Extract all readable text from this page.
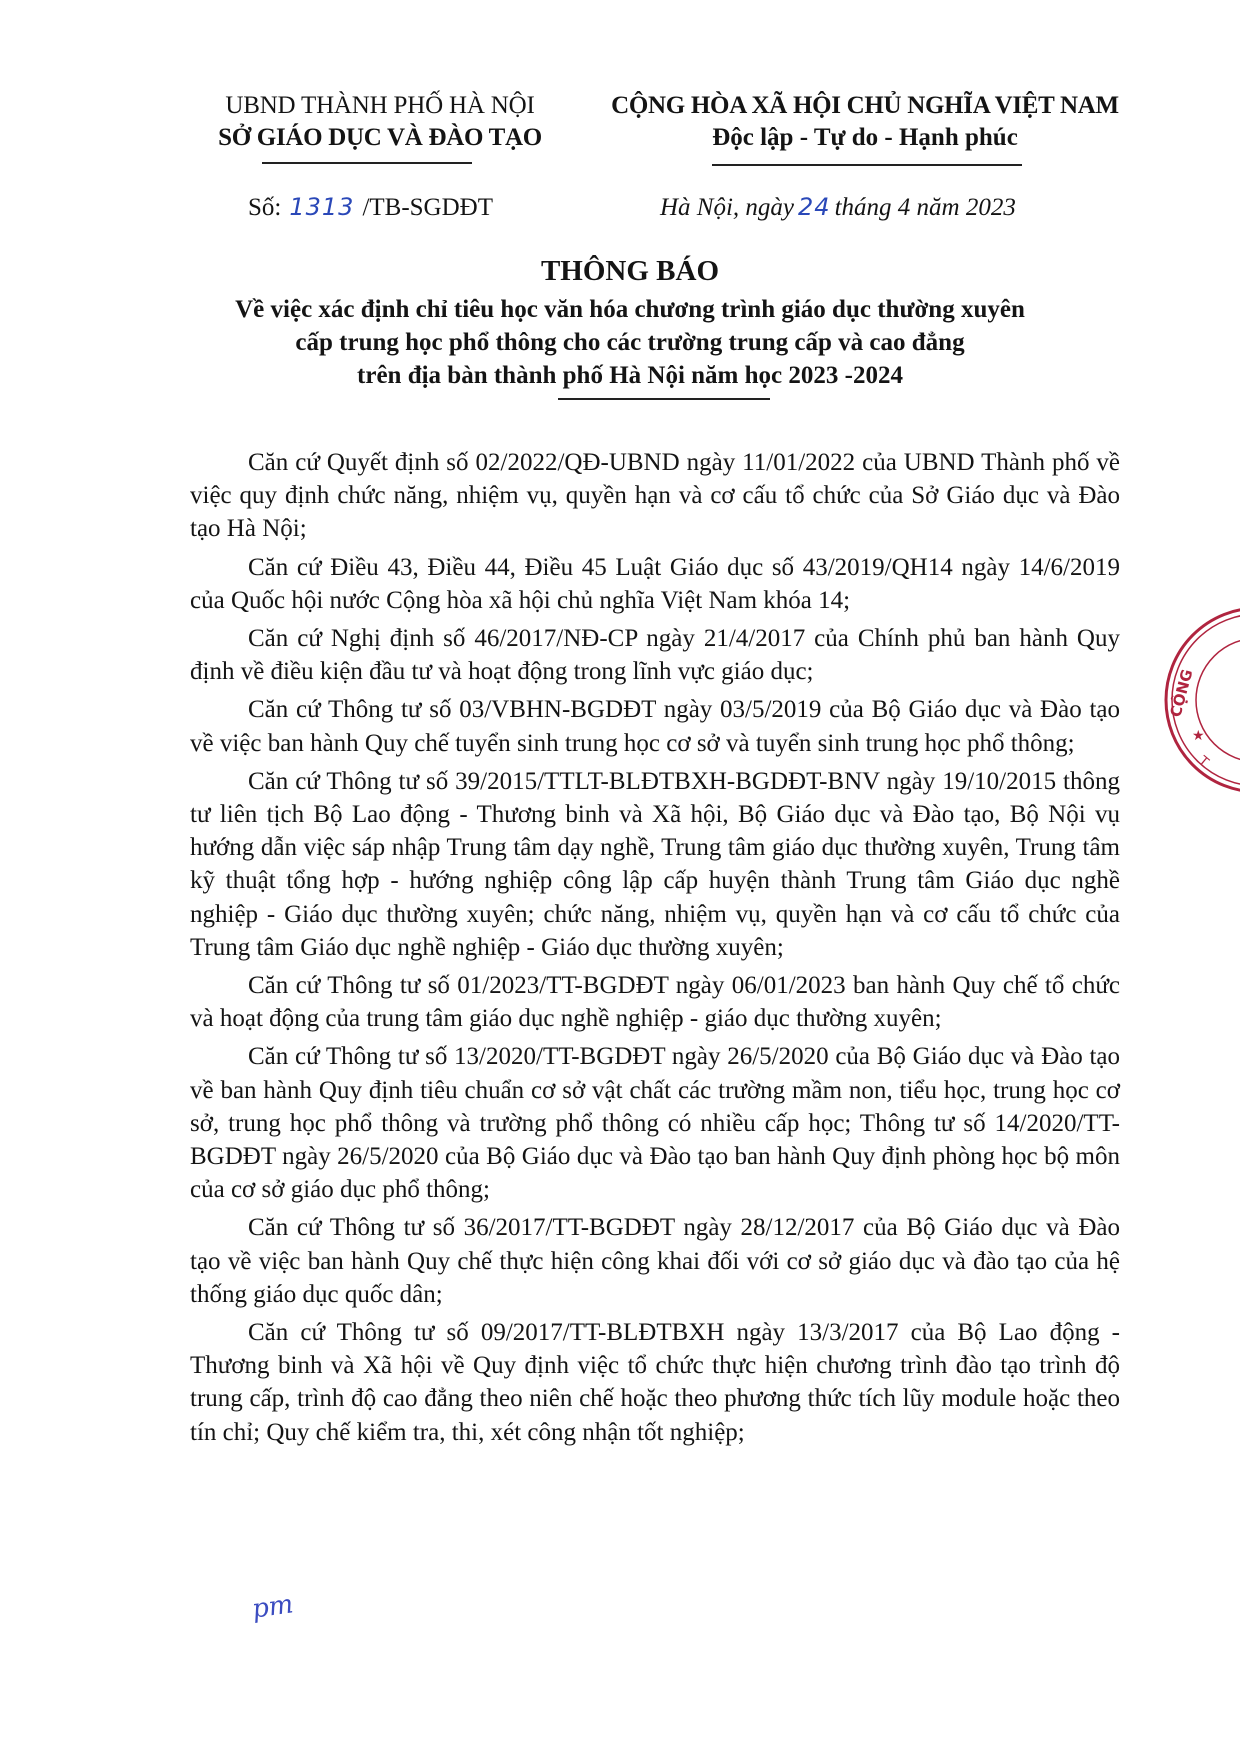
UBND THÀNH PHỐ HÀ NỘI
SỞ GIÁO DỤC VÀ ĐÀO TẠO
CỘNG HÒA XÃ HỘI CHỦ NGHĨA VIỆT NAM
Độc lập - Tự do - Hạnh phúc
Số: 1313 /TB-SGDĐT	Hà Nội, ngày 24 tháng 4 năm 2023
THÔNG BÁO
Về việc xác định chỉ tiêu học văn hóa chương trình giáo dục thường xuyên
cấp trung học phổ thông cho các trường trung cấp và cao đẳng
trên địa bàn thành phố Hà Nội năm học 2023 -2024

Căn cứ Quyết định số 02/2022/QĐ-UBND ngày 11/01/2022 của UBND Thành phố về việc quy định chức năng, nhiệm vụ, quyền hạn và cơ cấu tổ chức của Sở Giáo dục và Đào tạo Hà Nội;

Căn cứ Điều 43, Điều 44, Điều 45 Luật Giáo dục số 43/2019/QH14 ngày 14/6/2019 của Quốc hội nước Cộng hòa xã hội chủ nghĩa Việt Nam khóa 14;

Căn cứ Nghị định số 46/2017/NĐ-CP ngày 21/4/2017 của Chính phủ ban hành Quy định về điều kiện đầu tư và hoạt động trong lĩnh vực giáo dục;

Căn cứ Thông tư số 03/VBHN-BGDĐT ngày 03/5/2019 của Bộ Giáo dục và Đào tạo về việc ban hành Quy chế tuyển sinh trung học cơ sở và tuyển sinh trung học phổ thông;

Căn cứ Thông tư số 39/2015/TTLT-BLĐTBXH-BGDĐT-BNV ngày 19/10/2015 thông tư liên tịch Bộ Lao động - Thương binh và Xã hội, Bộ Giáo dục và Đào tạo, Bộ Nội vụ hướng dẫn việc sáp nhập Trung tâm dạy nghề, Trung tâm giáo dục thường xuyên, Trung tâm kỹ thuật tổng hợp - hướng nghiệp công lập cấp huyện thành Trung tâm Giáo dục nghề nghiệp - Giáo dục thường xuyên; chức năng, nhiệm vụ, quyền hạn và cơ cấu tổ chức của Trung tâm Giáo dục nghề nghiệp - Giáo dục thường xuyên;

Căn cứ Thông tư số 01/2023/TT-BGDĐT ngày 06/01/2023 ban hành Quy chế tổ chức và hoạt động của trung tâm giáo dục nghề nghiệp - giáo dục thường xuyên;

Căn cứ Thông tư số 13/2020/TT-BGDĐT ngày 26/5/2020 của Bộ Giáo dục và Đào tạo về ban hành Quy định tiêu chuẩn cơ sở vật chất các trường mầm non, tiểu học, trung học cơ sở, trung học phổ thông và trường phổ thông có nhiều cấp học; Thông tư số 14/2020/TT-BGDĐT ngày 26/5/2020 của Bộ Giáo dục và Đào tạo ban hành Quy định phòng học bộ môn của cơ sở giáo dục phổ thông;

Căn cứ Thông tư số 36/2017/TT-BGDĐT ngày 28/12/2017 của Bộ Giáo dục và Đào tạo về việc ban hành Quy chế thực hiện công khai đối với cơ sở giáo dục và đào tạo của hệ thống giáo dục quốc dân;

Căn cứ Thông tư số 09/2017/TT-BLĐTBXH ngày 13/3/2017 của Bộ Lao động - Thương binh và Xã hội về Quy định việc tổ chức thực hiện chương trình đào tạo trình độ trung cấp, trình độ cao đẳng theo niên chế hoặc theo phương thức tích lũy module hoặc theo tín chỉ; Quy chế kiểm tra, thi, xét công nhận tốt nghiệp;

pm
CỘNG
★
T
